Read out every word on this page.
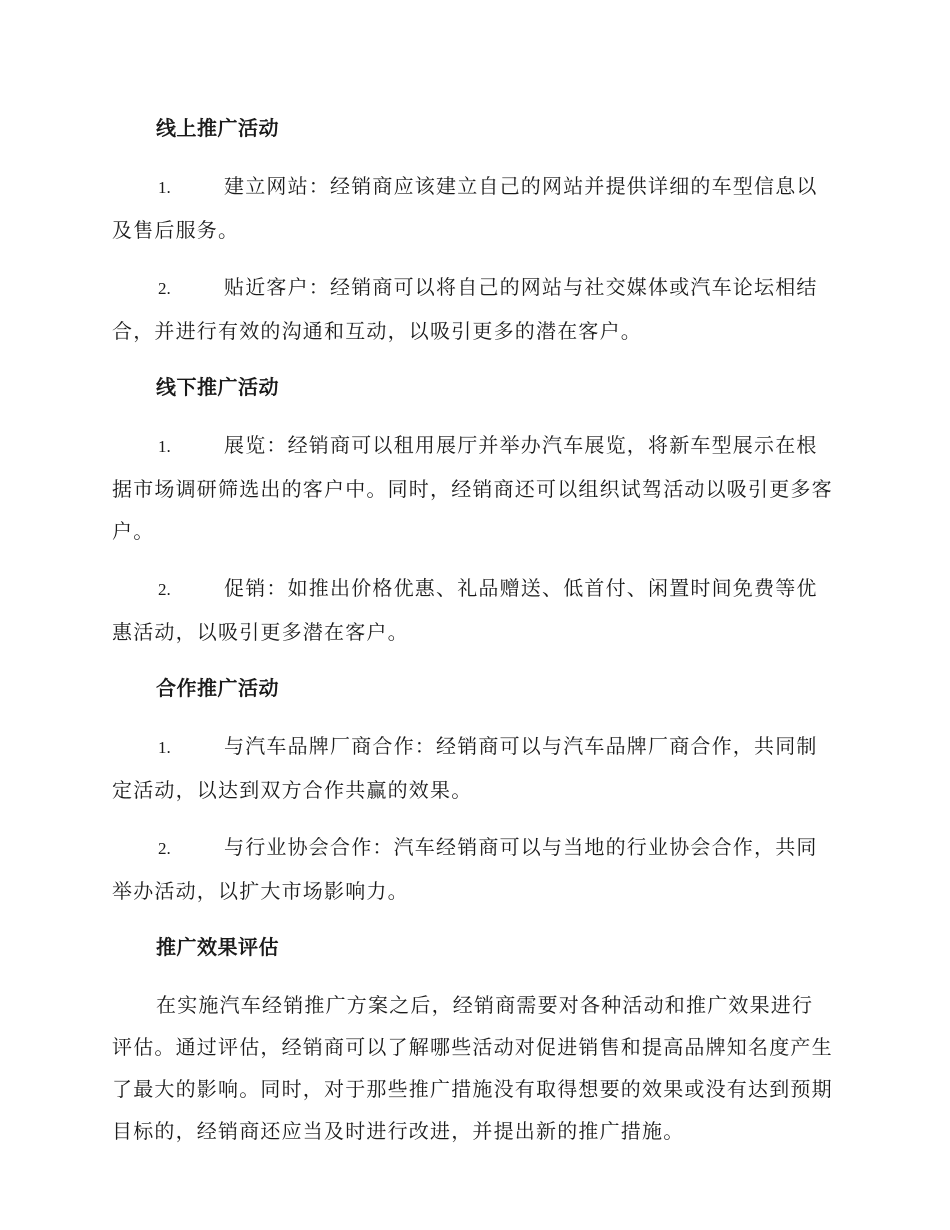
线上推广活动
1.	建立网站：经销商应该建立自己的网站并提供详细的车型信息以及售后服务。
2.	贴近客户：经销商可以将自己的网站与社交媒体或汽车论坛相结合，并进行有效的沟通和互动，以吸引更多的潜在客户。
线下推广活动
1.	展览：经销商可以租用展厅并举办汽车展览，将新车型展示在根据市场调研筛选出的客户中。同时，经销商还可以组织试驾活动以吸引更多客户。
2.	促销：如推出价格优惠、礼品赠送、低首付、闲置时间免费等优惠活动，以吸引更多潜在客户。
合作推广活动
1.	与汽车品牌厂商合作：经销商可以与汽车品牌厂商合作，共同制定活动，以达到双方合作共赢的效果。
2.	与行业协会合作：汽车经销商可以与当地的行业协会合作，共同举办活动，以扩大市场影响力。
推广效果评估

在实施汽车经销推广方案之后，经销商需要对各种活动和推广效果进行评估。通过评估，经销商可以了解哪些活动对促进销售和提高品牌知名度产生了最大的影响。同时，对于那些推广措施没有取得想要的效果或没有达到预期目标的，经销商还应当及时进行改进，并提出新的推广措施。
